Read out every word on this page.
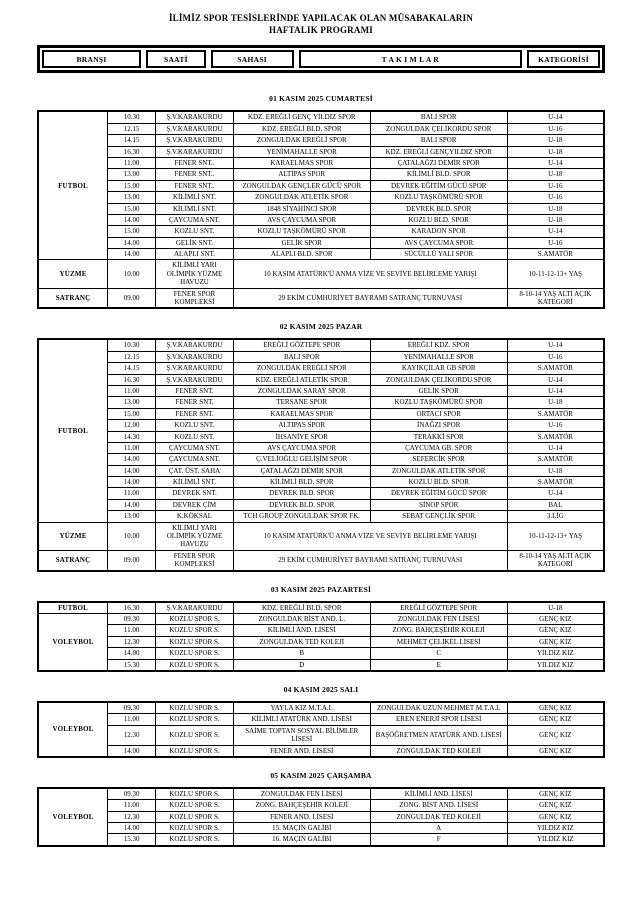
İLİMİZ SPOR TESİSLERİNDE YAPILACAK OLAN MÜSABAKALARIN
HAFTALIK PROGRAMI
BRANŞI	SAATİ	SAHASI	T A K I M L A R	KATEGORİSİ
01 KASIM 2025 CUMARTESİ
FUTBOL	10.30	Ş.V.KARAKURDU	KDZ. EREĞLİ GENÇ YILDIZ SPOR	BALI SPOR	U-14
	12.15	Ş.V.KARAKURDU	KDZ. EREĞLİ BLD. SPOR	ZONGULDAK ÇELİKORDU SPOR	U-16
	14.15	Ş.V.KARAKURDU	ZONGULDAK EREĞLİ SPOR	BALI SPOR	U-18
	16.30	Ş.V.KARAKURDU	YENİMAHALLE SPOR	KDZ. EREĞLİ GENÇYILDIZ SPOR	U-18
	11.00	FENER SNT..	KARAELMAS SPOR	ÇATALAĞZI DEMİR SPOR	U-14
	13.00	FENER SNT..	ALTIPAS SPOR	KİLİMLİ BLD. SPOR	U-18
	15.00	FENER SNT..	ZONGULDAK GENÇLER GÜCÜ SPOR	DEVREK EĞİTİM GÜCÜ SPOR	U-16
	13.00	KİLİMLİ SNT.	ZONGULDAK ATLETİK SPOR	KOZLU TAŞKÖMÜRÜ SPOR	U-16
	15.00	KİLİMLİ SNT.	1848 SİYAHİNCİ SPOR	DEVREK BLD. SPOR	U-18
	14.00	ÇAYCUMA SNT.	AVS ÇAYCUMA SPOR	KOZLU BLD. SPOR	U-18
	15.00	KOZLU SNT.	KOZLU TAŞKÖMÜRÜ SPOR	KARADON SPOR	U-14
	14.00	GELİK SNT.	GELİK SPOR	AVS ÇAYCUMA SPOR	U-16
	14.00	ALAPLI SNT.	ALAPLI BLD. SPOR	SÜCÜLLÜ YALI SPOR	S.AMATÖR
YÜZME	10.00	KİLİMLİ YARI OLİMPİK YÜZME HAVUZU	10 KASIM ATATÜRK'Ü ANMA VİZE VE SEVİYE BELİRLEME YARIŞI		10-11-12-13+ YAŞ
SATRANÇ	09.00	FENER SPOR KOMPLEKSİ	29 EKİM CUMHURİYET BAYRAMI SATRANÇ TURNUVASI		8-10-14 YAŞ ALTI AÇIK KATEGORİ
02 KASIM 2025 PAZAR
FUTBOL	10.30	Ş.V.KARAKURDU	EREĞLİ GÖZTEPE SPOR	EREĞLİ KDZ. SPOR	U-14
	12.15	Ş.V.KARAKURDU	BALI SPOR	YENİMAHALLE SPOR	U-16
	14.15	Ş.V.KARAKURDU	ZONGULDAK EREĞLİ SPOR	KAYIKÇILAR GB SPOR	S.AMATÖR
	16.30	Ş.V.KARAKURDU	KDZ. EREĞLİ ATLETİK SPOR	ZONGULDAK ÇELİKORDU SPOR	U-14
	11.00	FENER SNT.	ZONGULDAK SARAY SPOR	GELİK SPOR	U-14
	13.00	FENER SNT.	TERSANE SPOR	KOZLU TAŞKÖMÜRÜ SPOR	U-18
	15.00	FENER SNT.	KARAELMAS SPOR	ORTACI SPOR	S.AMATÖR
	12.00	KOZLU SNT.	ALTIPAS SPOR	İNAĞZI SPOR	U-16
	14.30	KOZLU SNT.	İHSANİYE SPOR	TERAKKİ SPOR	S.AMATÖR
	11.00	ÇAYCUMA SNT.	AVS ÇAYCUMA SPOR	ÇAYCUMA GB. SPOR	U-14
	14.00	ÇAYCUMA SNT.	Ç.VELİOĞLU GELİŞİM SPOR	SEFERCİK SPOR	S.AMATÖR
	14.00	ÇAT. ÜST. SAHA	ÇATALAĞZI DEMİR SPOR	ZONGULDAK ATLETİK SPOR	U-18
	14.00	KİLİMLİ SNT.	KİLİMLİ BLD. SPOR	KOZLU BLD. SPOR	S.AMATÖR
	11.00	DEVREK SNT.	DEVREK BLD. SPOR	DEVREK EĞİTİM GÜCÜ SPOR	U-14
	14.00	DEVREK ÇİM	DEVREK BLD. SPOR	SİNOP SPOR	BAL
	13.00	K.KÖKSAL	TCH GROUP ZONGULDAK SPOR FK.	SEBAT GENÇLİK SPOR	3.LİG
YÜZME	10.00	KİLİMLİ YARI OLİMPİK YÜZME HAVUZU	10 KASIM ATATÜRK'Ü ANMA VİZE VE SEVİYE BELİRLEME YARIŞI		10-11-12-13+ YAŞ
SATRANÇ	09.00	FENER SPOR KOMPLEKSİ	29 EKİM CUMHURİYET BAYRAMI SATRANÇ TURNUVASI		8-10-14 YAŞ ALTI AÇIK KATEGORİ
03 KASIM 2025 PAZARTESİ
FUTBOL	16.30	Ş.V.KARAKURDU	KDZ. EREĞLİ BLD. SPOR	EREĞLİ GÖZTEPE SPOR	U-18
VOLEYBOL	09.30	KOZLU SPOR S.	ZONGULDAK BİST AND. L.	ZONGULDAK FEN LİSESİ	GENÇ KIZ
	11.00	KOZLU SPOR S.	KİLİMLİ AND. LİSESİ	ZONG. BAHÇEŞEHİR KOLEJİ	GENÇ KIZ
	12.30	KOZLU SPOR S.	ZONGULDAK TED KOLEJİ	MEHMET ÇELİKEL LİSESİ	GENÇ KIZ
	14.00	KOZLU SPOR S.	B	C	YILDIZ KIZ
	15.30	KOZLU SPOR S.	D	E	YILDIZ KIZ
04 KASIM 2025 SALI
VOLEYBOL	09.30	KOZLU SPOR S.	YAYLA KIZ M.T.A.L	ZONGULDAK UZUN MEHMET M.T.A.L	GENÇ KIZ
	11.00	KOZLU SPOR S.	KİLİMLİ ATATÜRK AND. LİSESİ	EREN ENERJİ SPOR LİSESİ	GENÇ KIZ
	12.30	KOZLU SPOR S.	SAİME TOPTAN SOSYAL BİLİMLER LİSESİ	BAŞÖĞRETMEN ATATÜRK AND. LİSESİ	GENÇ KIZ
	14.00	KOZLU SPOR S.	FENER AND. LİSESİ	ZONGULDAK TED KOLEJİ	GENÇ KIZ
05 KASIM 2025 ÇARŞAMBA
VOLEYBOL	09.30	KOZLU SPOR S.	ZONGULDAK FEN LİSESİ	KİLİMLİ AND. LİSESİ	GENÇ KIZ
	11.00	KOZLU SPOR S.	ZONG. BAHÇEŞEHİR KOLEJİ	ZONG. BİST AND. LİSESİ	GENÇ KIZ
	12.30	KOZLU SPOR S.	FENER AND. LİSESİ	ZONGULDAK TED KOLEJİ	GENÇ KIZ
	14.00	KOZLU SPOR S.	15. MAÇIN GALİBİ	A	YILDIZ KIZ
	15.30	KOZLU SPOR S.	16. MAÇIN GALİBİ	F	YILDIZ KIZ
